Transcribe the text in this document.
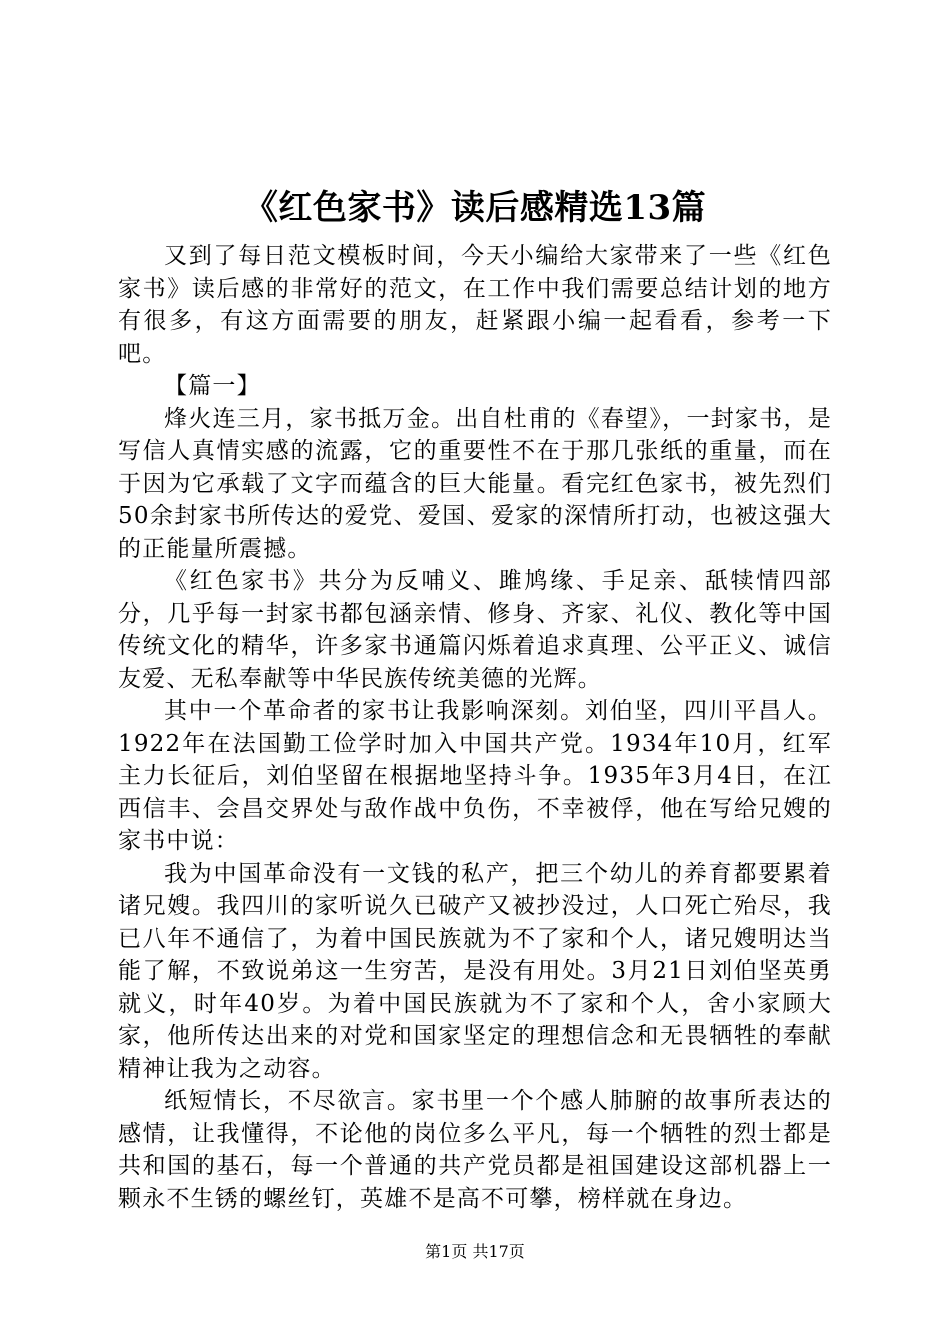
《红色家书》读后感精选13篇

又到了每日范文模板时间，今天小编给大家带来了一些《红色家书》读后感的非常好的范文，在工作中我们需要总结计划的地方有很多，有这方面需要的朋友，赶紧跟小编一起看看，参考一下吧。

【篇一】

烽火连三月，家书抵万金。出自杜甫的《春望》，一封家书，是写信人真情实感的流露，它的重要性不在于那几张纸的重量，而在于因为它承载了文字而蕴含的巨大能量。看完红色家书，被先烈们50余封家书所传达的爱党、爱国、爱家的深情所打动，也被这强大的正能量所震撼。

《红色家书》共分为反哺义、雎鸠缘、手足亲、舐犊情四部分，几乎每一封家书都包涵亲情、修身、齐家、礼仪、教化等中国传统文化的精华，许多家书通篇闪烁着追求真理、公平正义、诚信友爱、无私奉献等中华民族传统美德的光辉。

其中一个革命者的家书让我影响深刻。刘伯坚，四川平昌人。1922年在法国勤工俭学时加入中国共产党。1934年10月，红军主力长征后，刘伯坚留在根据地坚持斗争。1935年3月4日，在江西信丰、会昌交界处与敌作战中负伤，不幸被俘，他在写给兄嫂的家书中说：

我为中国革命没有一文钱的私产，把三个幼儿的养育都要累着诸兄嫂。我四川的家听说久已破产又被抄没过，人口死亡殆尽，我已八年不通信了，为着中国民族就为不了家和个人，诸兄嫂明达当能了解，不致说弟这一生穷苦，是没有用处。3月21日刘伯坚英勇就义，时年40岁。为着中国民族就为不了家和个人，舍小家顾大家，他所传达出来的对党和国家坚定的理想信念和无畏牺牲的奉献精神让我为之动容。

纸短情长，不尽欲言。家书里一个个感人肺腑的故事所表达的感情，让我懂得，不论他的岗位多么平凡，每一个牺牲的烈士都是共和国的基石，每一个普通的共产党员都是祖国建设这部机器上一颗永不生锈的螺丝钉，英雄不是高不可攀，榜样就在身边。

第1页 共17页
